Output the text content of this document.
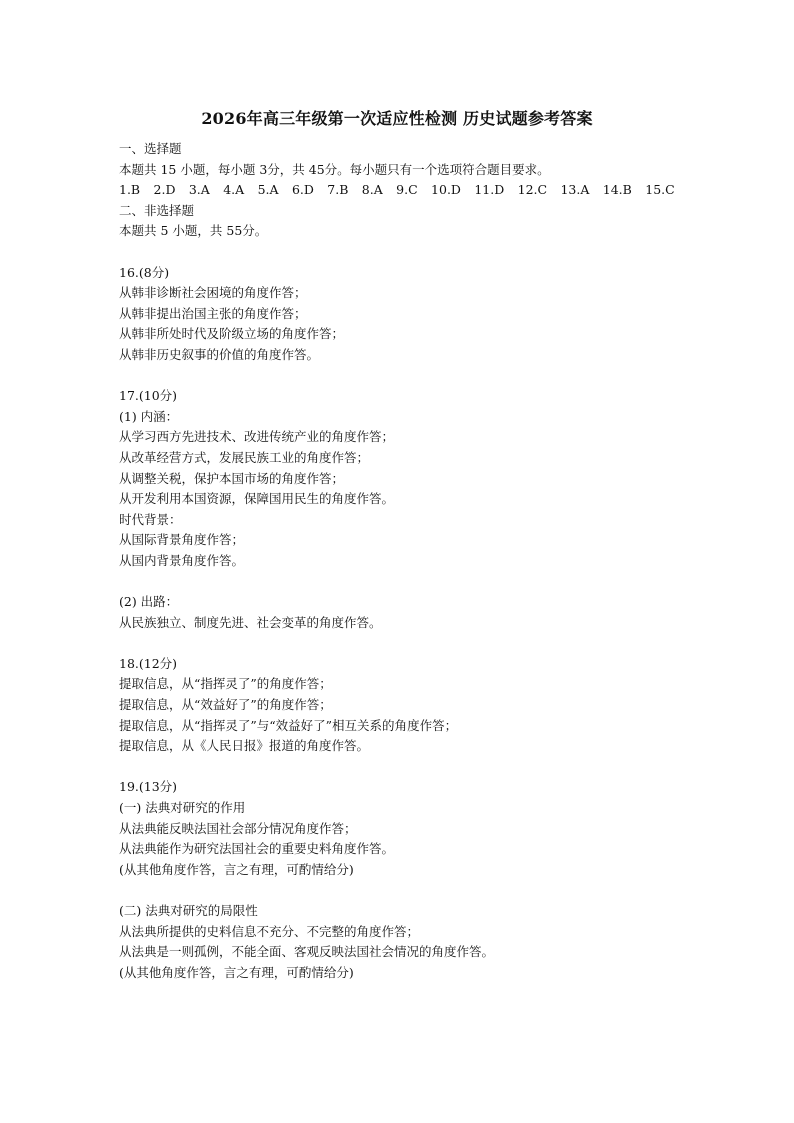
2026年高三年级第一次适应性检测 历史试题参考答案
一、选择题
本题共 15 小题，每小题 3分，共 45分。每小题只有一个选项符合题目要求。
1.B 2.D 3.A 4.A 5.A 6.D 7.B 8.A 9.C 10.D 11.D 12.C 13.A 14.B 15.C
二、非选择题
本题共 5 小题，共 55分。
16.(8分)
从韩非诊断社会困境的角度作答；
从韩非提出治国主张的角度作答；
从韩非所处时代及阶级立场的角度作答；
从韩非历史叙事的价值的角度作答。
17.(10分)
(1) 内涵：
从学习西方先进技术、改进传统产业的角度作答；
从改革经营方式，发展民族工业的角度作答；
从调整关税，保护本国市场的角度作答；
从开发利用本国资源，保障国用民生的角度作答。
时代背景：
从国际背景角度作答；
从国内背景角度作答。
(2) 出路：
从民族独立、制度先进、社会变革的角度作答。
18.(12分)
提取信息，从“指挥灵了”的角度作答；
提取信息，从“效益好了”的角度作答；
提取信息，从“指挥灵了”与“效益好了”相互关系的角度作答；
提取信息，从《人民日报》报道的角度作答。
19.(13分)
(一) 法典对研究的作用
从法典能反映法国社会部分情况角度作答；
从法典能作为研究法国社会的重要史料角度作答。
(从其他角度作答，言之有理，可酌情给分)
(二) 法典对研究的局限性
从法典所提供的史料信息不充分、不完整的角度作答；
从法典是一则孤例，不能全面、客观反映法国社会情况的角度作答。
(从其他角度作答，言之有理，可酌情给分)
